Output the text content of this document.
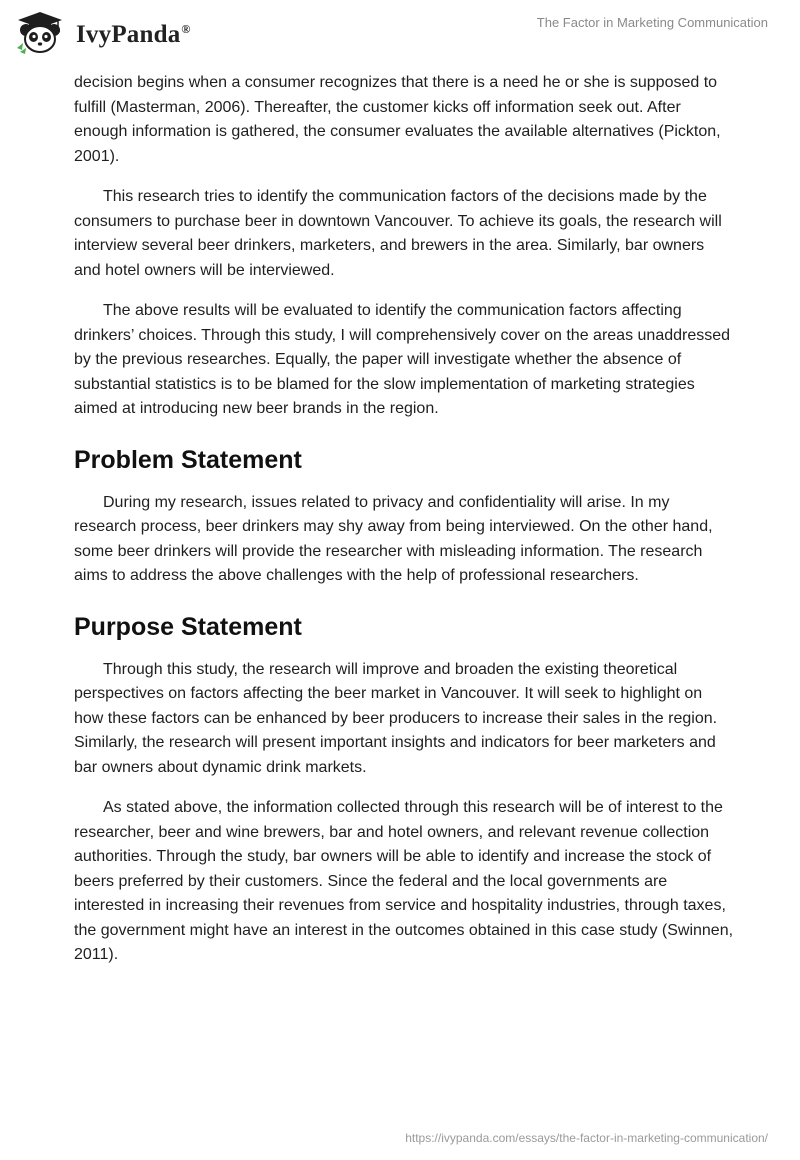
IvyPanda®	The Factor in Marketing Communication

decision begins when a consumer recognizes that there is a need he or she is supposed to fulfill (Masterman, 2006). Thereafter, the customer kicks off information seek out. After enough information is gathered, the consumer evaluates the available alternatives (Pickton, 2001).

This research tries to identify the communication factors of the decisions made by the consumers to purchase beer in downtown Vancouver. To achieve its goals, the research will interview several beer drinkers, marketers, and brewers in the area. Similarly, bar owners and hotel owners will be interviewed.

The above results will be evaluated to identify the communication factors affecting drinkers’ choices. Through this study, I will comprehensively cover on the areas unaddressed by the previous researches. Equally, the paper will investigate whether the absence of substantial statistics is to be blamed for the slow implementation of marketing strategies aimed at introducing new beer brands in the region.

Problem Statement

During my research, issues related to privacy and confidentiality will arise. In my research process, beer drinkers may shy away from being interviewed. On the other hand, some beer drinkers will provide the researcher with misleading information. The research aims to address the above challenges with the help of professional researchers.

Purpose Statement

Through this study, the research will improve and broaden the existing theoretical perspectives on factors affecting the beer market in Vancouver. It will seek to highlight on how these factors can be enhanced by beer producers to increase their sales in the region. Similarly, the research will present important insights and indicators for beer marketers and bar owners about dynamic drink markets.

As stated above, the information collected through this research will be of interest to the researcher, beer and wine brewers, bar and hotel owners, and relevant revenue collection authorities. Through the study, bar owners will be able to identify and increase the stock of beers preferred by their customers. Since the federal and the local governments are interested in increasing their revenues from service and hospitality industries, through taxes, the government might have an interest in the outcomes obtained in this case study (Swinnen, 2011).

https://ivypanda.com/essays/the-factor-in-marketing-communication/
